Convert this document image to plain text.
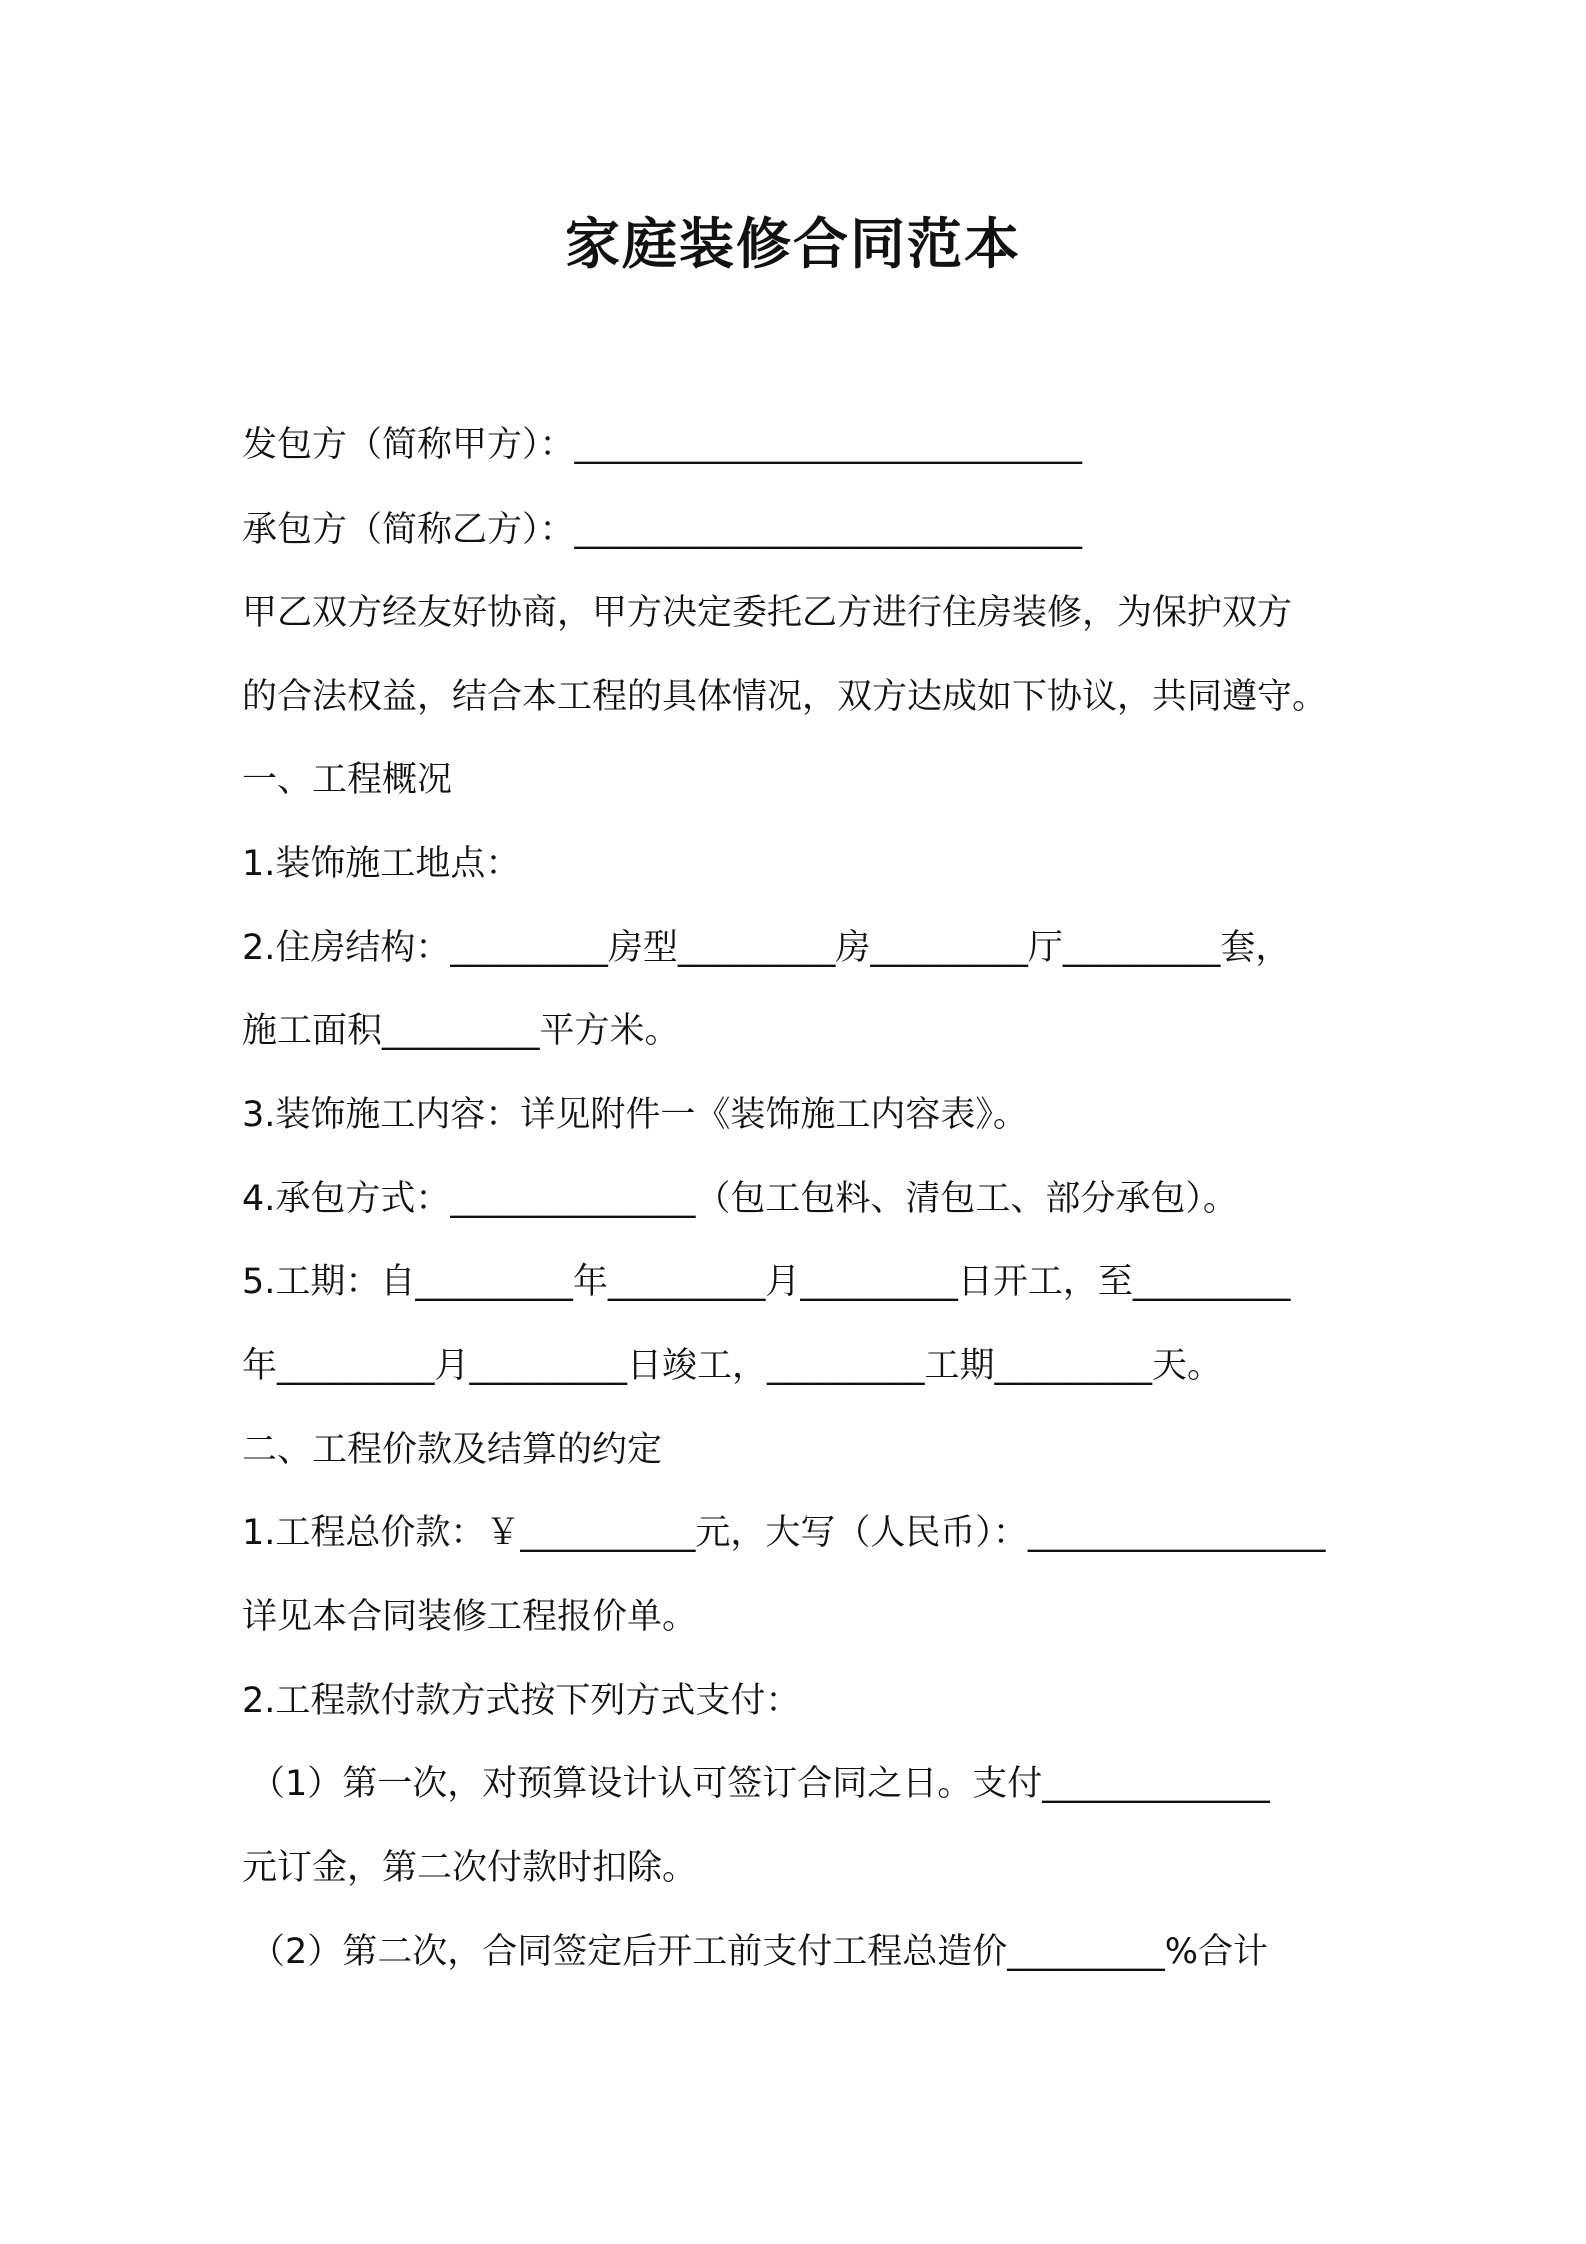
家庭装修合同范本
发包方（简称甲方）：_____________________________
承包方（简称乙方）：_____________________________
甲乙双方经友好协商，甲方决定委托乙方进行住房装修，为保护双方
的合法权益，结合本工程的具体情况，双方达成如下协议，共同遵守。
一、工程概况
1.装饰施工地点：
2.住房结构：_________房型_________房_________厅_________套，
施工面积_________平方米。
3.装饰施工内容：详见附件一《装饰施工内容表》。
4.承包方式：______________（包工包料、清包工、部分承包）。
5.工期：自_________年_________月_________日开工，至_________
年_________月_________日竣工，_________工期_________天。
二、工程价款及结算的约定
1.工程总价款：￥__________元，大写（人民币）：_________________
详见本合同装修工程报价单。
2.工程款付款方式按下列方式支付：
（1）第一次，对预算设计认可签订合同之日。支付_____________
元订金，第二次付款时扣除。
（2）第二次，合同签定后开工前支付工程总造价_________%合计
